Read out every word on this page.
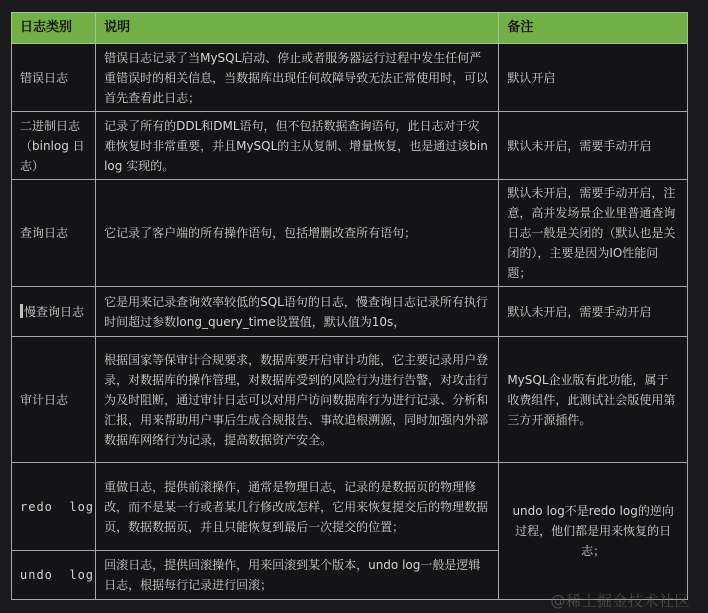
日志类别	说明	备注
错误日志	错误日志记录了当MySQL启动、停止或者服务器运行过程中发生任何严重错误时的相关信息，当数据库出现任何故障导致无法正常使用时，可以首先查看此日志；	默认开启
二进制日志（binlog 日志）	记录了所有的DDL和DML语句，但不包括数据查询语句，此日志对于灾难恢复时非常重要，并且MySQL的主从复制、增量恢复，也是通过该binlog 实现的。	默认未开启，需要手动开启
查询日志	它记录了客户端的所有操作语句，包括增删改查所有语句；	默认未开启，需要手动开启，注意，高并发场景企业里普通查询日志一般是关闭的（默认也是关闭的），主要是因为IO性能问题；
慢查询日志	它是用来记录查询效率较低的SQL语句的日志，慢查询日志记录所有执行时间超过参数long_query_time设置值，默认值为10s，	默认未开启，需要手动开启
审计日志	根据国家等保审计合规要求，数据库要开启审计功能，它主要记录用户登录，对数据库的操作管理，对数据库受到的风险行为进行告警，对攻击行为及时阻断，通过审计日志可以对用户访问数据库行为进行记录、分析和汇报，用来帮助用户事后生成合规报告、事故追根溯源，同时加强内外部数据库网络行为记录，提高数据资产安全。	MySQL企业版有此功能，属于收费组件，此测试社会版使用第三方开源插件。
redo  log	重做日志，提供前滚操作，通常是物理日志，记录的是数据页的物理修改，而不是某一行或者某几行修改成怎样，它用来恢复提交后的物理数据页，数据数据页，并且只能恢复到最后一次提交的位置；	undo log不是redo log的逆向过程，他们都是用来恢复的日志；
undo  log	回滚日志，提供回滚操作，用来回滚到某个版本，undo log一般是逻辑日志，根据每行记录进行回滚；	
@稀土掘金技术社区
